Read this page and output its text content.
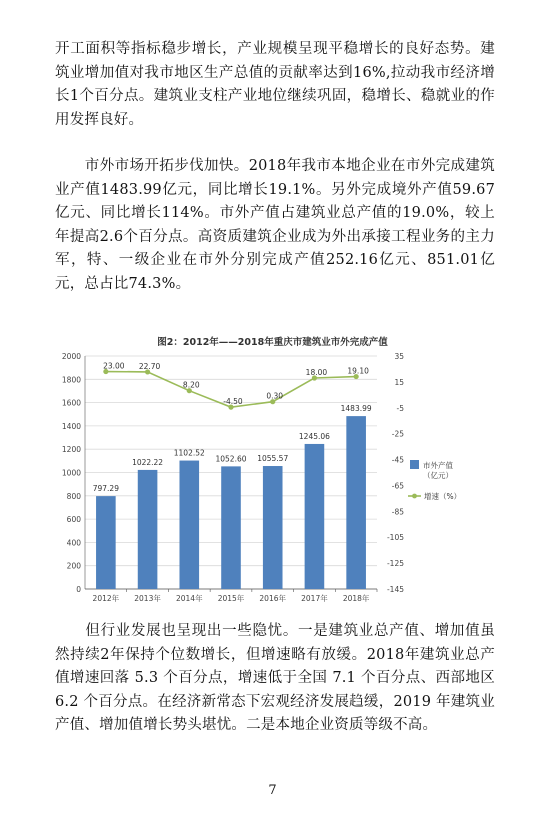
开工面积等指标稳步增长，产业规模呈现平稳增长的良好态势。建筑业增加值对我市地区生产总值的贡献率达到16%,拉动我市经济增长1个百分点。建筑业支柱产业地位继续巩固，稳增长、稳就业的作用发挥良好。
　　市外市场开拓步伐加快。2018年我市本地企业在市外完成建筑业产值1483.99亿元，同比增长19.1%。另外完成境外产值59.67亿元、同比增长114%。市外产值占建筑业总产值的19.0%，较上年提高2.6个百分点。高资质建筑企业成为外出承接工程业务的主力军，特、一级企业在市外分别完成产值252.16亿元、851.01亿元，总占比74.3%。
图2：2012年——2018年重庆市建筑业市外完成产值
0
200
400
600
800
1000
1200
1400
1600
1800
2000	35
15
-5
-25
-45
-65
-85
-105
-125
-145
797.29
2012年
1022.22
2013年
1102.52
2014年
1052.60
2015年
1055.57
2016年
1245.06
2017年
1483.99
2018年
23.00 22.70
8.20
-4.50
0.30
18.00	19.10
市外产值
（亿元）
增速（%）
　　但行业发展也呈现出一些隐忧。一是建筑业总产值、增加值虽然持续2年保持个位数增长，但增速略有放缓。2018年建筑业总产值增速回落 5.3 个百分点，增速低于全国 7.1 个百分点、西部地区 6.2 个百分点。在经济新常态下宏观经济发展趋缓，2019 年建筑业产值、增加值增长势头堪忧。二是本地企业资质等级不高。
7
